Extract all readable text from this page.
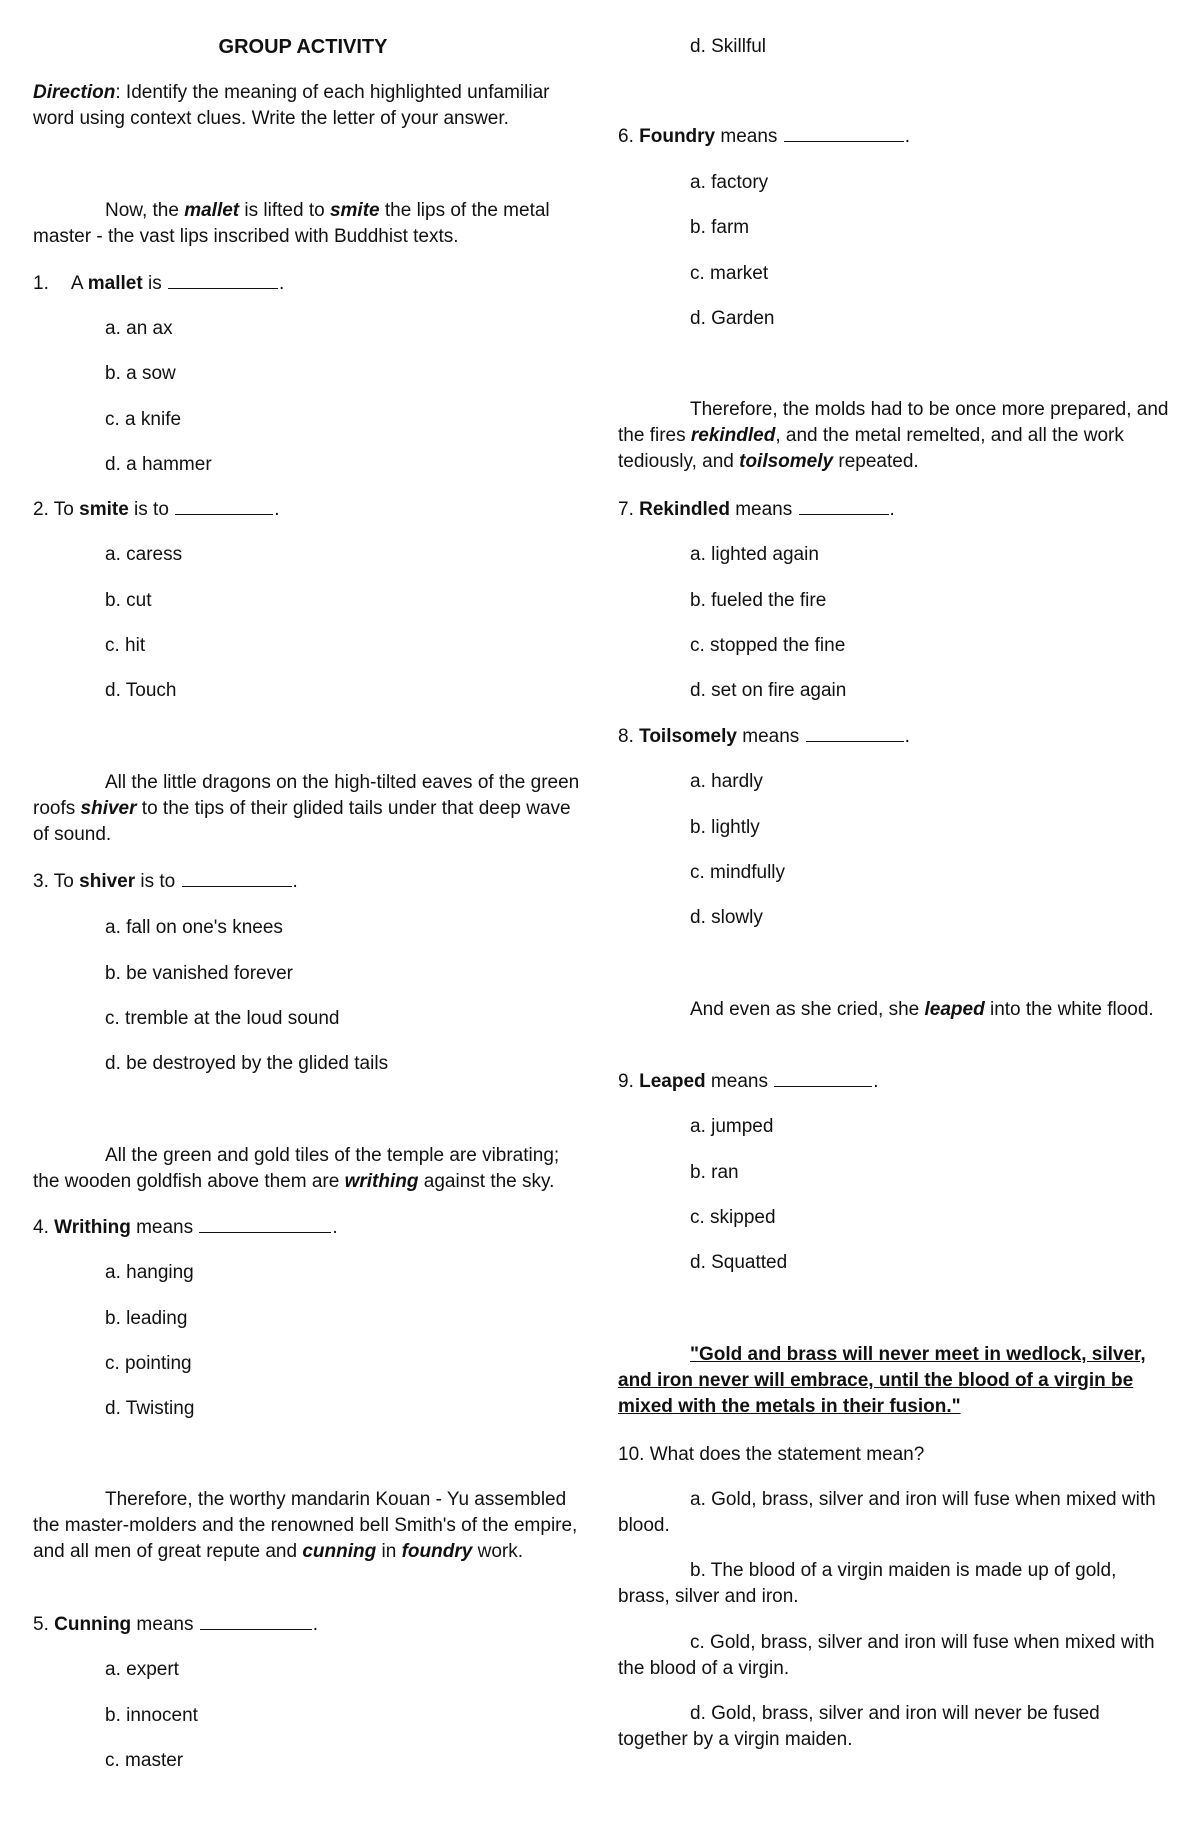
GROUP ACTIVITY

Direction: Identify the meaning of each highlighted unfamiliar word using context clues. Write the letter of your answer.

Now, the mallet is lifted to smite the lips of the metal master - the vast lips inscribed with Buddhist texts.

1. A mallet is	.

a. an ax

b. a sow

c. a knife

d. a hammer

2. To smite is to	.

a. caress

b. cut

c. hit

d. Touch

All the little dragons on the high-tilted eaves of the green roofs shiver to the tips of their glided tails under that deep wave of sound.

3. To shiver is to	.

a. fall on one's knees

b. be vanished forever

c. tremble at the loud sound

d. be destroyed by the glided tails

All the green and gold tiles of the temple are vibrating; the wooden goldfish above them are writhing against the sky.

4. Writhing means	.

a. hanging

b. leading

c. pointing

d. Twisting

Therefore, the worthy mandarin Kouan - Yu assembled the master-molders and the renowned bell Smith's of the empire, and all men of great repute and cunning in foundry work.

5. Cunning means	.

a. expert

b. innocent

c. master

d. Skillful

6. Foundry means	.

a. factory

b. farm

c. market

d. Garden

Therefore, the molds had to be once more prepared, and the fires rekindled, and the metal remelted, and all the work tediously, and toilsomely repeated.

7. Rekindled means	.

a. lighted again

b. fueled the fire

c. stopped the fine

d. set on fire again

8. Toilsomely means	.

a. hardly

b. lightly

c. mindfully

d. slowly

And even as she cried, she leaped into the white flood.

9. Leaped means	.

a. jumped

b. ran

c. skipped

d. Squatted

"Gold and brass will never meet in wedlock, silver, and iron never will embrace, until the blood of a virgin be mixed with the metals in their fusion."

10. What does the statement mean?

a. Gold, brass, silver and iron will fuse when mixed with blood.

b. The blood of a virgin maiden is made up of gold, brass, silver and iron.

c. Gold, brass, silver and iron will fuse when mixed with the blood of a virgin.

d. Gold, brass, silver and iron will never be fused together by a virgin maiden.
